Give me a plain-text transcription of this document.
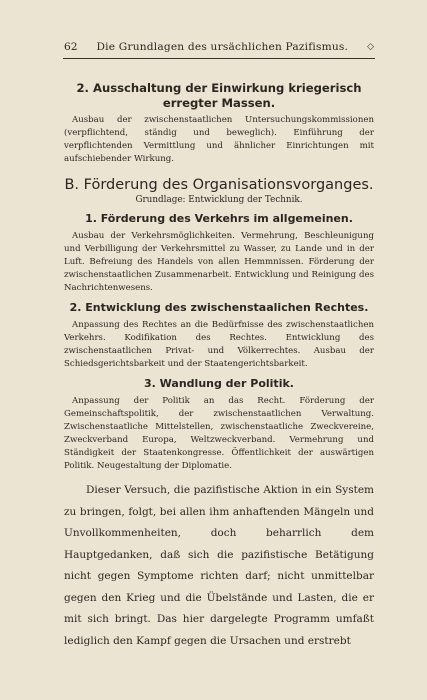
62 Die Grundlagen des ursächlichen Pazifismus. ◇
2. Ausschaltung der Einwirkung kriegerisch erregter Massen.

Ausbau der zwischenstaatlichen Untersuchungskommissionen (verpflichtend, ständig und beweglich). Einführung der verpflichtenden Vermittlung und ähnlicher Einrichtungen mit aufschiebender Wirkung.

B. Förderung des Organisationsvorganges.
Grundlage: Entwicklung der Technik.
1. Förderung des Verkehrs im allgemeinen.

Ausbau der Verkehrsmöglichkeiten. Vermehrung, Beschleunigung und Verbilligung der Verkehrsmittel zu Wasser, zu Lande und in der Luft. Befreiung des Handels von allen Hemmnissen. Förderung der zwischenstaatlichen Zusammenarbeit. Entwicklung und Reinigung des Nachrichtenwesens.

2. Entwicklung des zwischenstaalichen Rechtes.

Anpassung des Rechtes an die Bedürfnisse des zwischenstaatlichen Verkehrs. Kodifikation des Rechtes. Entwicklung des zwischenstaatlichen Privat- und Völkerrechtes. Ausbau der Schiedsgerichtsbarkeit und der Staatengerichtsbarkeit.

3. Wandlung der Politik.

Anpassung der Politik an das Recht. Förderung der Gemeinschaftspolitik, der zwischenstaatlichen Verwaltung. Zwischenstaatliche Mittelstellen, zwischenstaatliche Zweckvereine, Zweckverband Europa, Weltzweckverband. Vermehrung und Ständigkeit der Staatenkongresse. Öffentlichkeit der auswärtigen Politik. Neugestaltung der Diplomatie.

Dieser Versuch, die pazifistische Aktion in ein System zu bringen, folgt, bei allen ihm anhaftenden Mängeln und Unvollkommenheiten, doch beharrlich dem Hauptgedanken, daß sich die pazifistische Betätigung nicht gegen Symptome richten darf; nicht unmittelbar gegen den Krieg und die Übelstände und Lasten, die er mit sich bringt. Das hier dargelegte Programm umfaßt lediglich den Kampf gegen die Ursachen und erstrebt
